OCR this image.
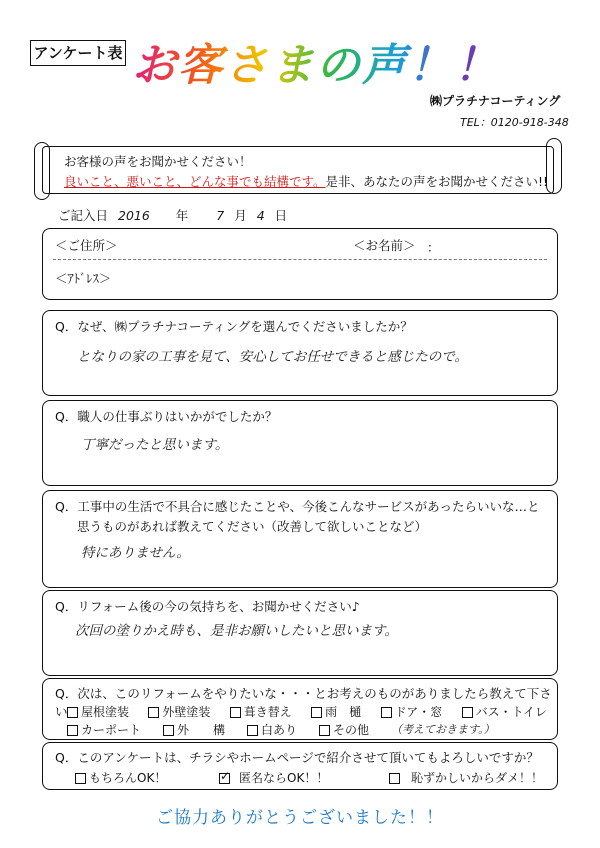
アンケート表 お客さまの声！！
㈱プラチナコーティング
TEL：0120-918-348
お客様の声をお聞かせください！
良いこと、悪いこと、どんな事でも結構です。是非、あなたの声をお聞かせください!!
ご記入日 2016 年 7 月 4 日
＜ご住所＞	＜お名前＞ ：
＜ｱﾄﾞﾚｽ＞
Q．なぜ、㈱プラチナコーティングを選んでくださいましたか？
となりの家の工事を見て、安心してお任せできると感じたので。
Q．職人の仕事ぶりはいかがでしたか？
丁寧だったと思います。
Q．工事中の生活で不具合に感じたことや、今後こんなサービスがあったらいいな…と
思うものがあれば教えてください（改善して欲しいことなど）
特にありません。
Q．リフォーム後の今の気持ちを、お聞かせください♪
次回の塗りかえ時も、是非お願いしたいと思います。
Q．次は、このリフォームをやりたいな・・・とお考えのものがありましたら教えて下さい	屋根塗装	外壁塗装	葺き替え	雨　樋	ドア・窓	バス・トイレ
カーポート	外　　構	白あり	その他 （考えておきます。）
Q．このアンケートは、チラシやホームページで紹介させて頂いてもよろしいですか？
もちろんOK！
✓	匿名ならOK！！	恥ずかしいからダメ！！
ご協力ありがとうございました！！
